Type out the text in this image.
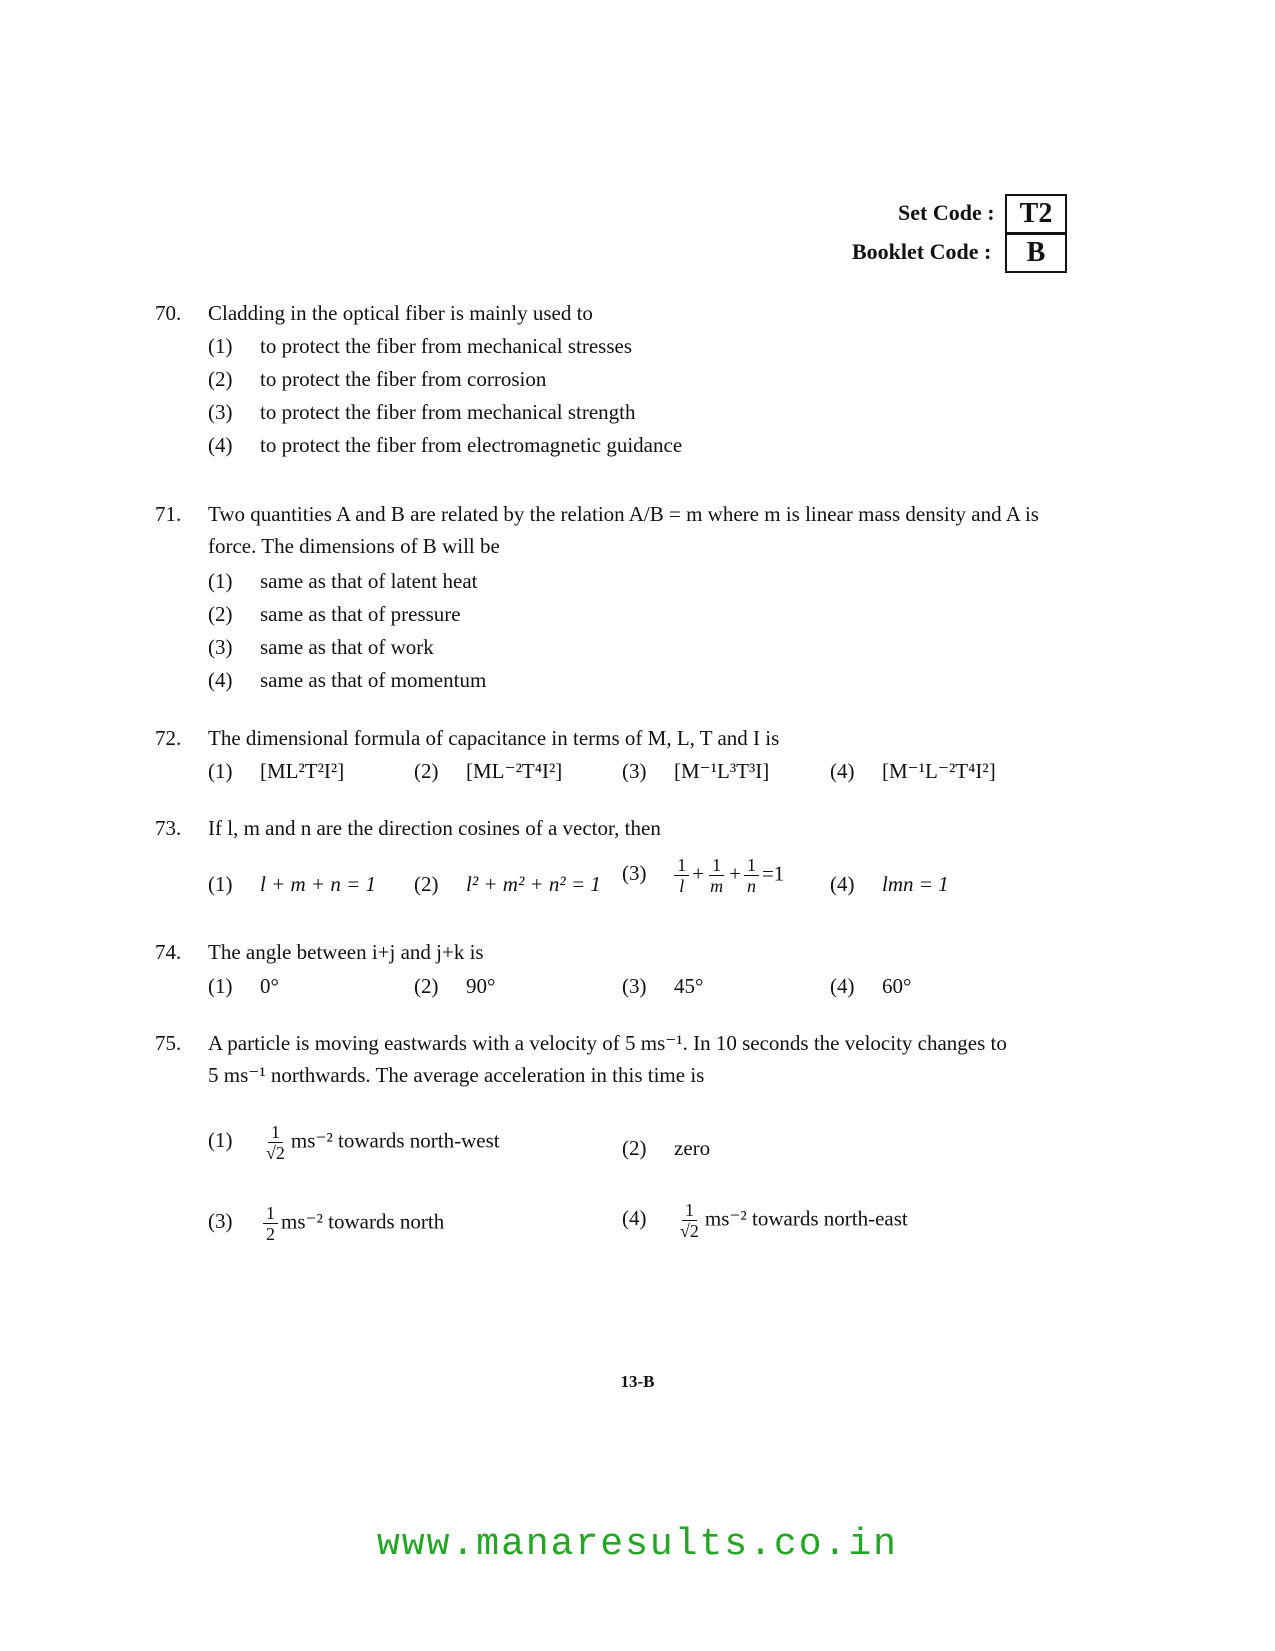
Set Code : T2
Booklet Code :	B
70.	Cladding in the optical fiber is mainly used to
(1) to protect the fiber from mechanical stresses
(2) to protect the fiber from corrosion
(3) to protect the fiber from mechanical strength
(4) to protect the fiber from electromagnetic guidance
71.	Two quantities A and B are related by the relation A/B = m where m is linear mass density and A is
force. The dimensions of B will be
(1) same as that of latent heat
(2) same as that of pressure
(3) same as that of work
(4) same as that of momentum
72.	The dimensional formula of capacitance in terms of M, L, T and I is
(1) [ML²T²I²]	(2) [ML⁻²T⁴I²]	(3) [M⁻¹L³T³I]	(4) [M⁻¹L⁻²T⁴I²]
73.	If l, m and n are the direction cosines of a vector, then
(1) l + m + n = 1 (2) l² + m² + n² = 1 $(3) \frac{1}{l} + \frac{1}{m} + \frac{1}{n} =1$ (4) lmn = 1
74.	The angle between i+j and j+k is
(1) 0°	(2) 90°	(3) 45°	(4) 60°
75.	A particle is moving eastwards with a velocity of 5 ms⁻¹. In 10 seconds the velocity changes to
5 ms⁻¹ northwards. The average acceleration in this time is
$(1) \frac{1}{√2} ms^{-2}$ towards north-west	(2) zero
$(3) \frac{1}{2} ms^{-2}$ towards north	$(4) \frac{1}{√2} ms^{-2}$ towards north-east
13-B
www.manaresults.co.in
